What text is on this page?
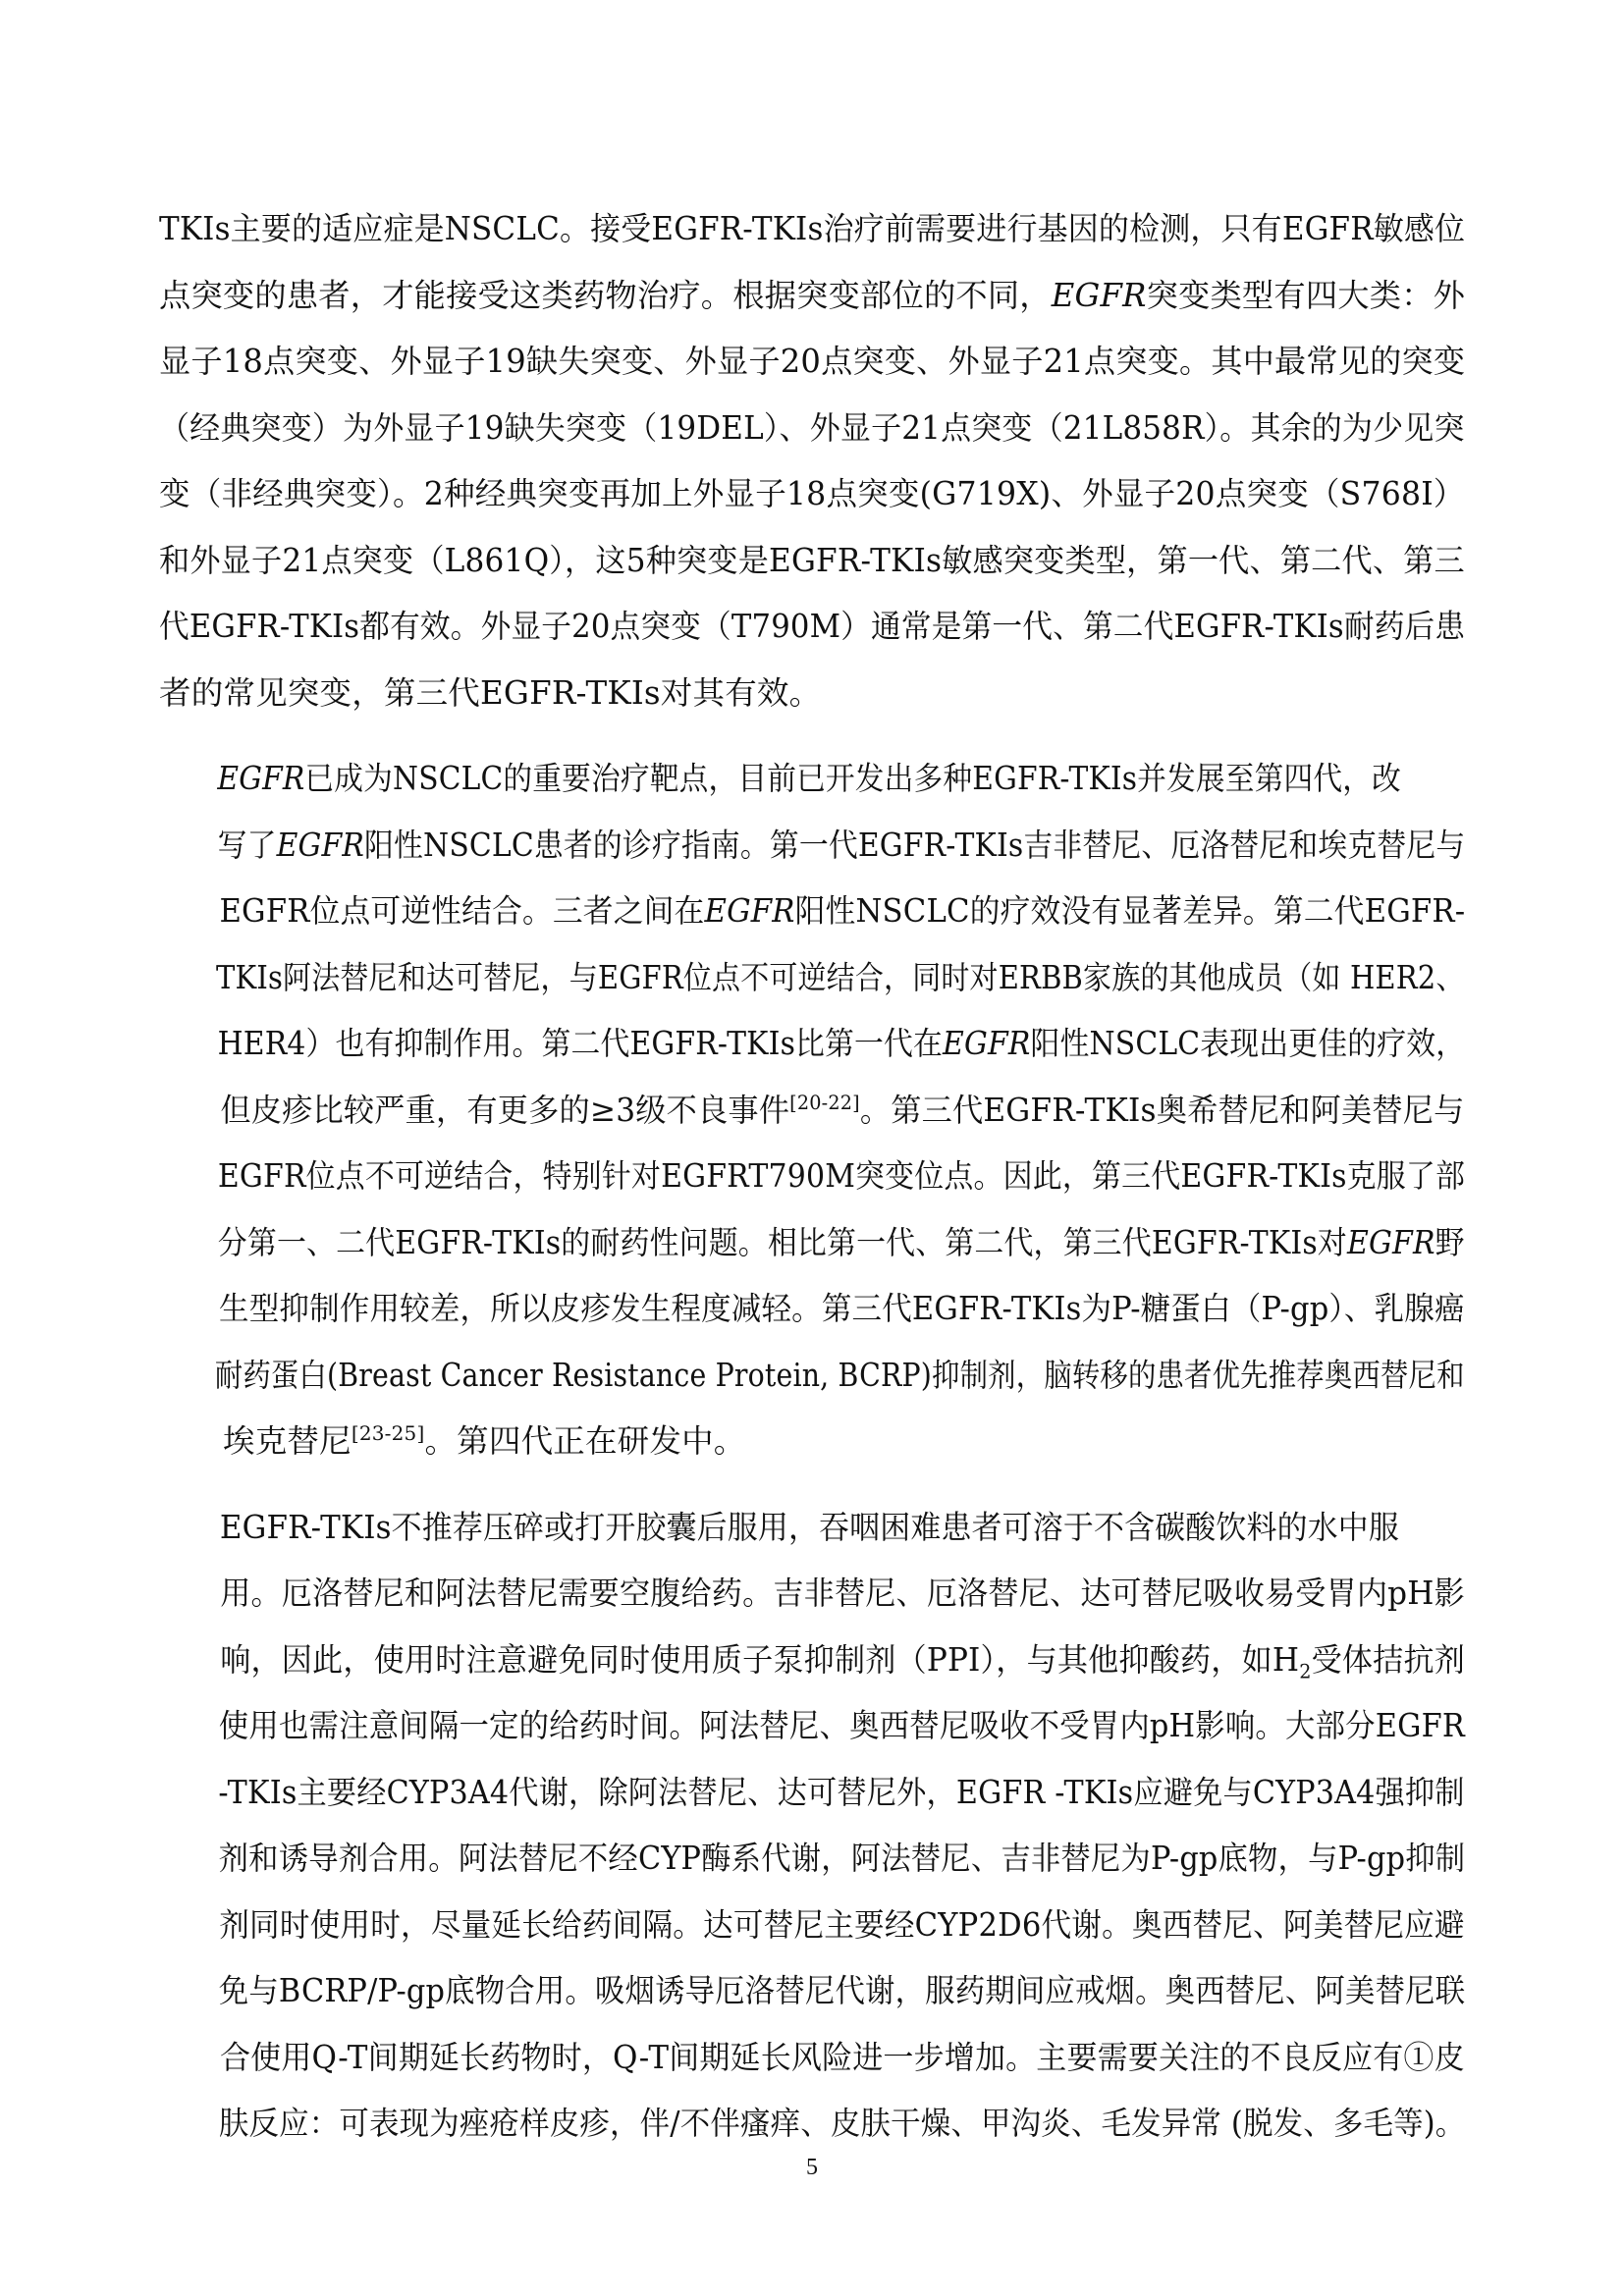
TKIs主要的适应症是NSCLC。接受EGFR-TKIs治疗前需要进行基因的检测，只有EGFR敏感位
点突变的患者，才能接受这类药物治疗。根据突变部位的不同，EGFR突变类型有四大类：外
显子18点突变、外显子19缺失突变、外显子20点突变、外显子21点突变。其中最常见的突变
（经典突变）为外显子19缺失突变（19DEL）、外显子21点突变（21L858R）。其余的为少见突
变（非经典突变）。2种经典突变再加上外显子18点突变(G719X)、外显子20点突变（S768I）
和外显子21点突变（L861Q），这5种突变是EGFR-TKIs敏感突变类型，第一代、第二代、第三
代EGFR-TKIs都有效。外显子20点突变（T790M）通常是第一代、第二代EGFR-TKIs耐药后患
者的常见突变，第三代EGFR-TKIs对其有效。

EGFR已成为NSCLC的重要治疗靶点，目前已开发出多种EGFR-TKIs并发展至第四代，改
写了EGFR阳性NSCLC患者的诊疗指南。第一代EGFR-TKIs吉非替尼、厄洛替尼和埃克替尼与
EGFR位点可逆性结合。三者之间在EGFR阳性NSCLC的疗效没有显著差异。第二代EGFR-
TKIs阿法替尼和达可替尼，与EGFR位点不可逆结合，同时对ERBB家族的其他成员（如 HER2、
HER4）也有抑制作用。第二代EGFR-TKIs比第一代在EGFR阳性NSCLC表现出更佳的疗效，
但皮疹比较严重，有更多的≥3级不良事件[20-22]。第三代EGFR-TKIs奥希替尼和阿美替尼与
EGFR位点不可逆结合，特别针对EGFRT790M突变位点。因此，第三代EGFR-TKIs克服了部
分第一、二代EGFR-TKIs的耐药性问题。相比第一代、第二代，第三代EGFR-TKIs对EGFR野
生型抑制作用较差，所以皮疹发生程度减轻。第三代EGFR-TKIs为P-糖蛋白（P-gp）、乳腺癌
耐药蛋白(Breast Cancer Resistance Protein, BCRP)抑制剂，脑转移的患者优先推荐奥西替尼和
埃克替尼[23-25]。第四代正在研发中。

EGFR-TKIs不推荐压碎或打开胶囊后服用，吞咽困难患者可溶于不含碳酸饮料的水中服
用。厄洛替尼和阿法替尼需要空腹给药。吉非替尼、厄洛替尼、达可替尼吸收易受胃内pH影
响，因此，使用时注意避免同时使用质子泵抑制剂（PPI），与其他抑酸药，如$H_2$受体拮抗剂
使用也需注意间隔一定的给药时间。阿法替尼、奥西替尼吸收不受胃内pH影响。大部分EGFR
-TKIs主要经CYP3A4代谢，除阿法替尼、达可替尼外，EGFR -TKIs应避免与CYP3A4强抑制
剂和诱导剂合用。阿法替尼不经CYP酶系代谢，阿法替尼、吉非替尼为P-gp底物，与P-gp抑制
剂同时使用时，尽量延长给药间隔。达可替尼主要经CYP2D6代谢。奥西替尼、阿美替尼应避
免与BCRP/P-gp底物合用。吸烟诱导厄洛替尼代谢，服药期间应戒烟。奥西替尼、阿美替尼联
合使用Q-T间期延长药物时，Q-T间期延长风险进一步增加。主要需要关注的不良反应有①皮
肤反应：可表现为痤疮样皮疹，伴/不伴瘙痒、皮肤干燥、甲沟炎、毛发异常 (脱发、多毛等)。

5
